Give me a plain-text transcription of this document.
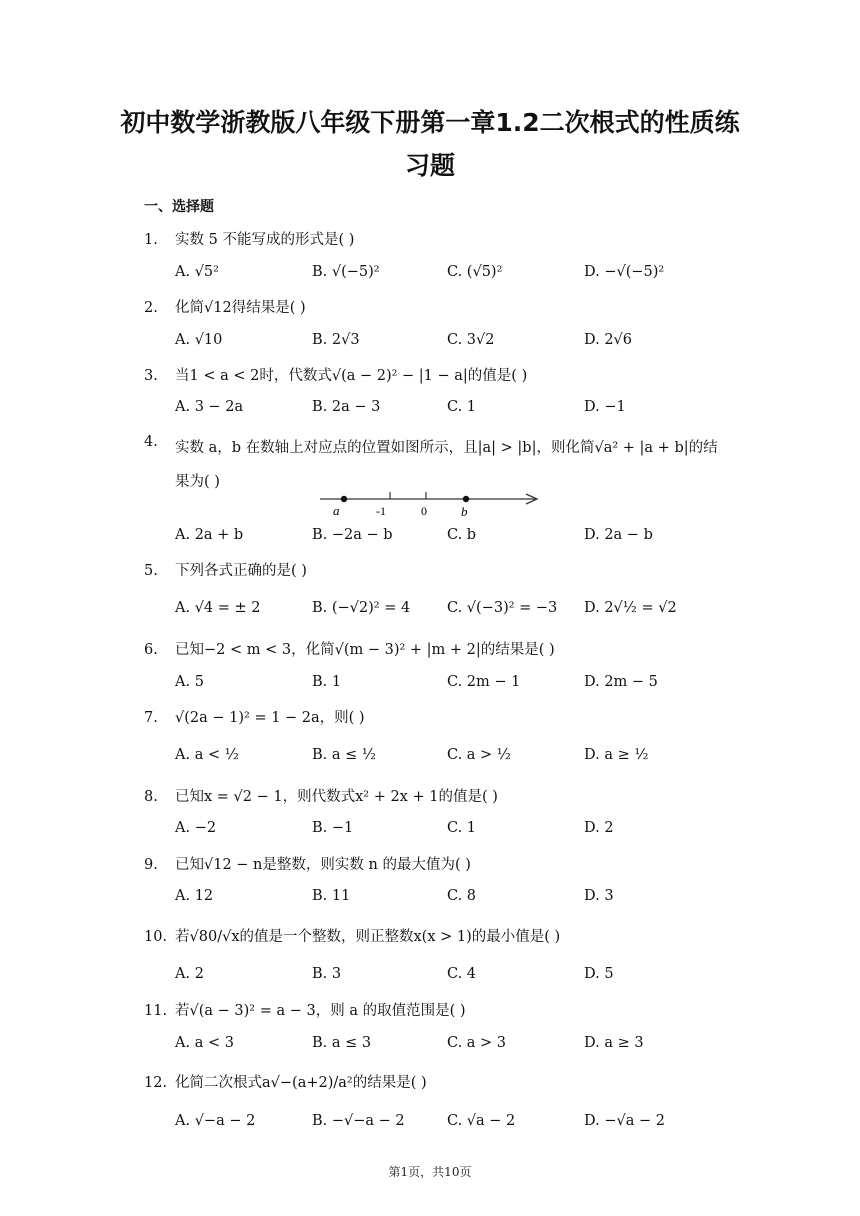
初中数学浙教版八年级下册第一章1.2二次根式的性质练
习题
一、选择题
1.	实数 5 不能写成的形式是( )
A. √5²	B. √(−5)²	C. (√5)²	D. −√(−5)²
2.	化简√12得结果是( )
A. √10	B. 2√3	C. 3√2	D. 2√6
3.	当1 < a < 2时，代数式√(a − 2)² − |1 − a|的值是( )
A. 3 − 2a	B. 2a − 3	C. 1	D. −1
4.	实数 a，b 在数轴上对应点的位置如图所示，且|a| > |b|，则化简√a² + |a + b|的结果为( )
a	-1	0	b
A. 2a + b	B. −2a − b	C. b	D. 2a − b
5.	下列各式正确的是( )
A. √4 = ± 2	B. (−√2)² = 4	C. √(−3)² = −3 D. 2√½ = √2
6.	已知−2 < m < 3，化简√(m − 3)² + |m + 2|的结果是( )
A. 5	B. 1	C. 2m − 1	D. 2m − 5
7.	√(2a − 1)² = 1 − 2a，则( )
A. a < ½	B. a ≤ ½	C. a > ½	D. a ≥ ½
8.	已知x = √2 − 1，则代数式x² + 2x + 1的值是( )
A. −2	B. −1	C. 1	D. 2
9.	已知√12 − n是整数，则实数 n 的最大值为( )
A. 12	B. 11	C. 8	D. 3
10. 若√80/√x的值是一个整数，则正整数x(x > 1)的最小值是( )
A. 2	B. 3	C. 4	D. 5
11. 若√(a − 3)² = a − 3，则 a 的取值范围是( )
A. a < 3	B. a ≤ 3	C. a > 3	D. a ≥ 3
12. 化简二次根式a√−(a+2)/a²的结果是( )
A. √−a − 2	B. −√−a − 2	C. √a − 2	D. −√a − 2
第1页，共10页
